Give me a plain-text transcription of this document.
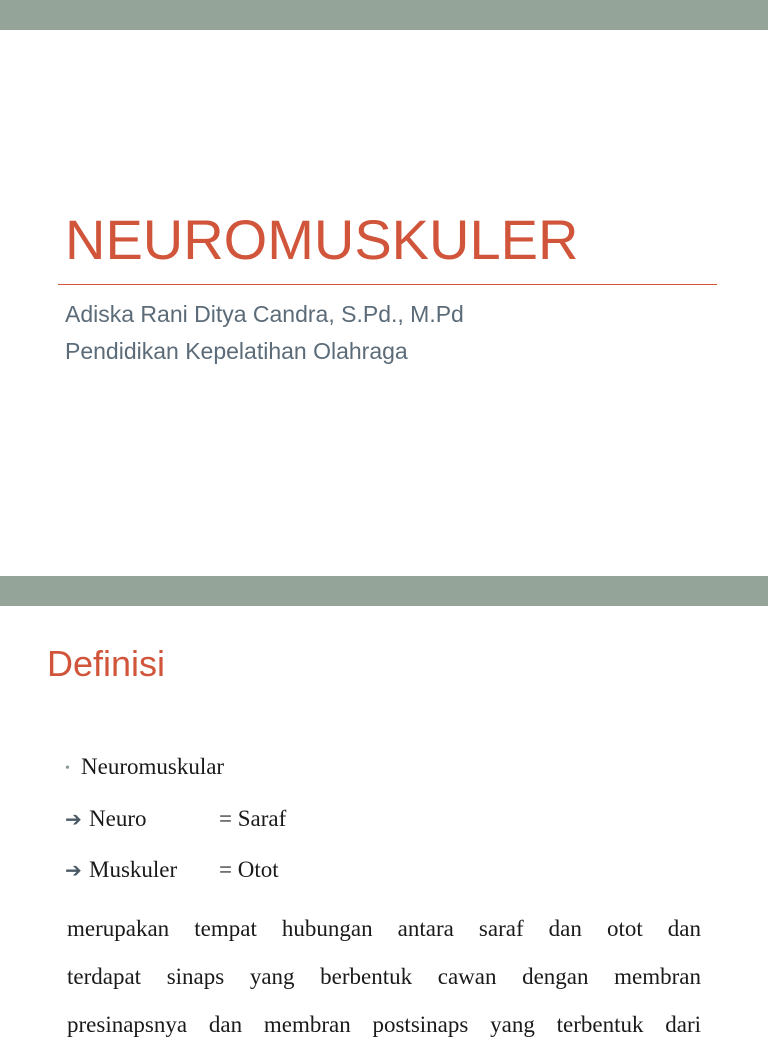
NEUROMUSKULER

Adiska Rani Ditya Candra, S.Pd., M.Pd

Pendidikan Kepelatihan Olahraga

Definisi
• Neuromuskular
➔ Neuro	= Saraf
➔ Muskuler = Otot
merupakan tempat hubungan antara saraf dan otot dan
terdapat sinaps yang berbentuk cawan dengan membran
presinapsnya dan membran postsinaps yang terbentuk dari
